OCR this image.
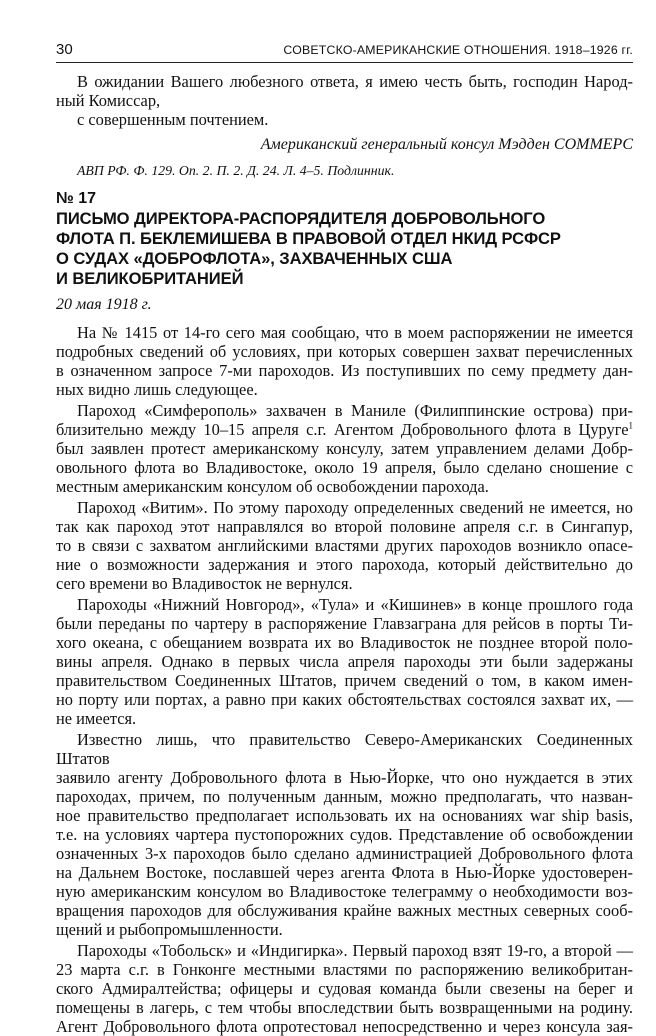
30	СОВЕТСКО-АМЕРИКАНСКИЕ ОТНОШЕНИЯ. 1918–1926 гг.

В ожидании Вашего любезного ответа, я имею честь быть, господин Народ-

ный Комиссар,

с совершенным почтением.

Американский генеральный консул Мэдден СОММЕРС

АВП РФ. Ф. 129. Оп. 2. П. 2. Д. 24. Л. 4–5. Подлинник.

№ 17

ПИСЬМО ДИРЕКТОРА-РАСПОРЯДИТЕЛЯ ДОБРОВОЛЬНОГО
ФЛОТА П. БЕКЛЕМИШЕВА В ПРАВОВОЙ ОТДЕЛ НКИД РСФСР
О СУДАХ «ДОБРОФЛОТА», ЗАХВАЧЕННЫХ США
И ВЕЛИКОБРИТАНИЕЙ

20 мая 1918 г.

На № 1415 от 14-го сего мая сообщаю, что в моем распоряжении не имеется

подробных сведений об условиях, при которых совершен захват перечисленных

в означенном запросе 7-ми пароходов. Из поступивших по сему предмету дан-

ных видно лишь следующее.

Пароход «Симферополь» захвачен в Маниле (Филиппинские острова) при-

близительно между 10–15 апреля с.г. Агентом Добровольного флота в Цуруге$^1$

был заявлен протест американскому консулу, затем управлением делами Добр-

овольного флота во Владивостоке, около 19 апреля, было сделано сношение с

местным американским консулом об освобождении парохода.

Пароход «Витим». По этому пароходу определенных сведений не имеется, но

так как пароход этот направлялся во второй половине апреля с.г. в Сингапур,

то в связи с захватом английскими властями других пароходов возникло опасе-

ние о возможности задержания и этого парохода, который действительно до

сего времени во Владивосток не вернулся.

Пароходы «Нижний Новгород», «Тула» и «Кишинев» в конце прошлого года

были переданы по чартеру в распоряжение Главзаграна для рейсов в порты Ти-

хого океана, с обещанием возврата их во Владивосток не позднее второй поло-

вины апреля. Однако в первых числа апреля пароходы эти были задержаны

правительством Соединенных Штатов, причем сведений о том, в каком имен-

но порту или портах, а равно при каких обстоятельствах состоялся захват их, —

не имеется.

Известно лишь, что правительство Северо-Американских Соединенных Штатов

заявило агенту Добровольного флота в Нью-Йорке, что оно нуждается в этих

пароходах, причем, по полученным данным, можно предполагать, что назван-

ное правительство предполагает использовать их на основаниях war ship basis,

т.е. на условиях чартера пустопорожних судов. Представление об освобождении

означенных 3-х пароходов было сделано администрацией Добровольного флота

на Дальнем Востоке, пославшей через агента Флота в Нью-Йорке удостоверен-

ную американским консулом во Владивостоке телеграмму о необходимости воз-

вращения пароходов для обслуживания крайне важных местных северных сооб-

щений и рыбопромышленности.

Пароходы «Тобольск» и «Индигирка». Первый пароход взят 19-го, а второй —

23 марта с.г. в Гонконге местными властями по распоряжению великобритан-

ского Адмиралтейства; офицеры и судовая команда были свезены на берег и

помещены в лагерь, с тем чтобы впоследствии быть возвращенными на родину.

Агент Добровольного флота опротестовал непосредственно и через консула зая-
